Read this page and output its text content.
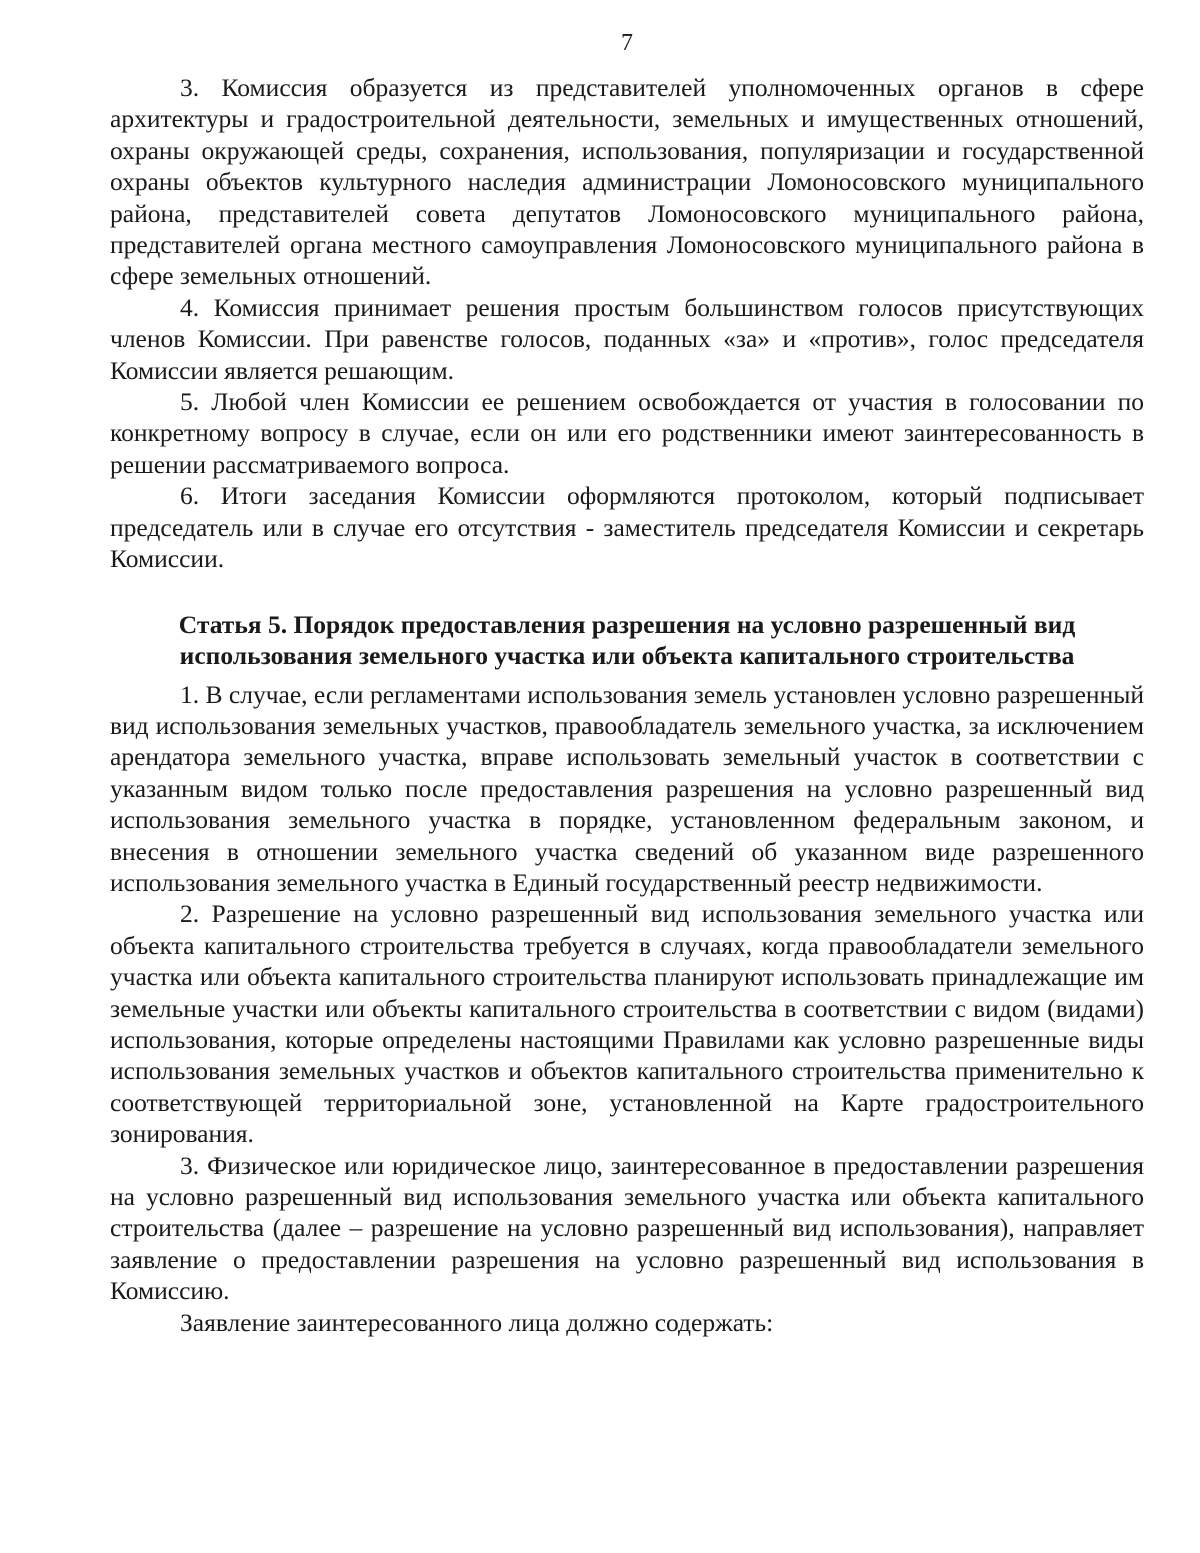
7

3. Комиссия образуется из представителей уполномоченных органов в сфере архитектуры и градостроительной деятельности, земельных и имущественных отношений, охраны окружающей среды, сохранения, использования, популяризации и государственной охраны объектов культурного наследия администрации Ломоносовского муниципального района, представителей совета депутатов Ломоносовского муниципального района, представителей органа местного самоуправления Ломоносовского муниципального района в сфере земельных отношений.

4. Комиссия принимает решения простым большинством голосов присутствующих членов Комиссии. При равенстве голосов, поданных «за» и «против», голос председателя Комиссии является решающим.

5. Любой член Комиссии ее решением освобождается от участия в голосовании по конкретному вопросу в случае, если он или его родственники имеют заинтересованность в решении рассматриваемого вопроса.

6. Итоги заседания Комиссии оформляются протоколом, который подписывает председатель или в случае его отсутствия - заместитель председателя Комиссии и секретарь Комиссии.

Статья 5. Порядок предоставления разрешения на условно разрешенный вид
использования земельного участка или объекта капитального строительства

1. В случае, если регламентами использования земель установлен условно разрешенный вид использования земельных участков, правообладатель земельного участка, за исключением арендатора земельного участка, вправе использовать земельный участок в соответствии с указанным видом только после предоставления разрешения на условно разрешенный вид использования земельного участка в порядке, установленном федеральным законом, и внесения в отношении земельного участка сведений об указанном виде разрешенного использования земельного участка в Единый государственный реестр недвижимости.

2. Разрешение на условно разрешенный вид использования земельного участка или объекта капитального строительства требуется в случаях, когда правообладатели земельного участка или объекта капитального строительства планируют использовать принадлежащие им земельные участки или объекты капитального строительства в соответствии с видом (видами) использования, которые определены настоящими Правилами как условно разрешенные виды использования земельных участков и объектов капитального строительства применительно к соответствующей территориальной зоне, установленной на Карте градостроительного зонирования.

3. Физическое или юридическое лицо, заинтересованное в предоставлении разрешения на условно разрешенный вид использования земельного участка или объекта капитального строительства (далее – разрешение на условно разрешенный вид использования), направляет заявление о предоставлении разрешения на условно разрешенный вид использования в Комиссию.

Заявление заинтересованного лица должно содержать:
